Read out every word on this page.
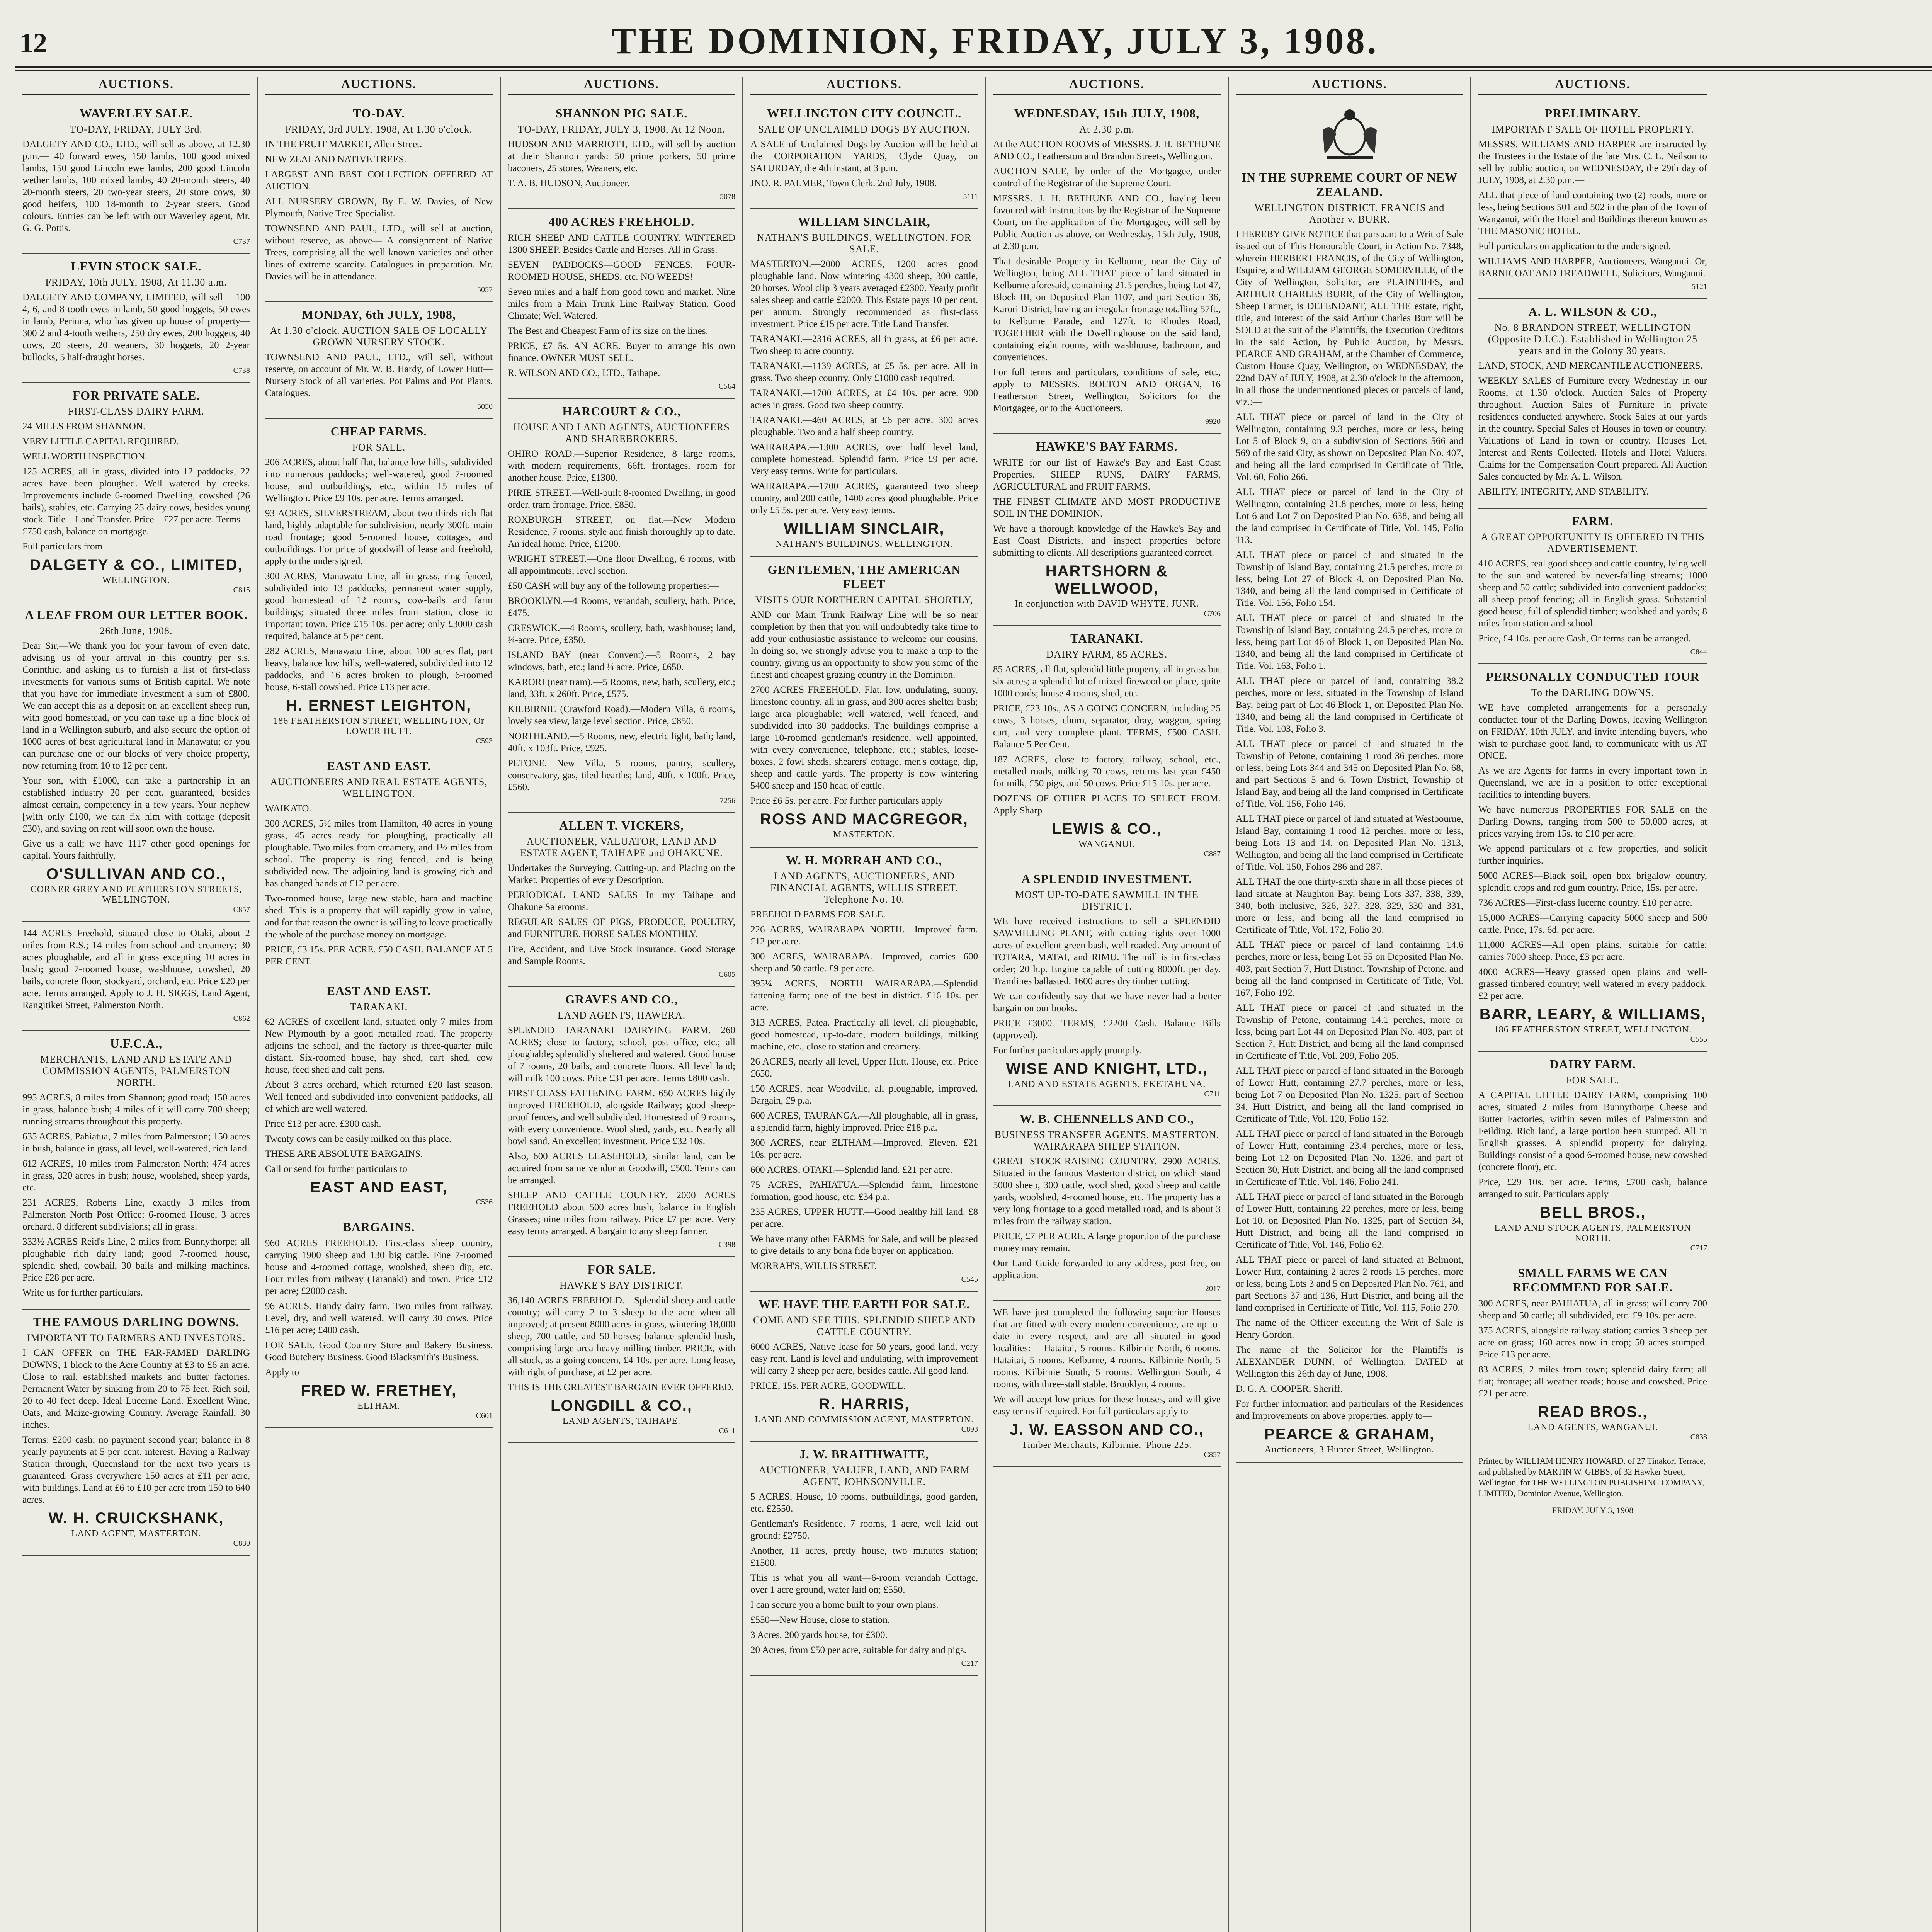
12	THE DOMINION, FRIDAY, JULY 3, 1908.
AUCTIONS.
WAVERLEY SALE.
TO-DAY, FRIDAY, JULY 3rd.

DALGETY AND CO., LTD., will sell as above, at 12.30 p.m.— 40 forward ewes, 150 lambs, 100 good mixed lambs, 150 good Lincoln ewe lambs, 200 good Lincoln wether lambs, 100 mixed lambs, 40 20-month steers, 40 20-month steers, 20 two-year steers, 20 store cows, 30 good heifers, 100 18-month to 2-year steers. Good colours. Entries can be left with our Waverley agent, Mr. G. G. Pottis.

C737
LEVIN STOCK SALE.
FRIDAY, 10th JULY, 1908, At 11.30 a.m.

DALGETY AND COMPANY, LIMITED, will sell— 100 4, 6, and 8-tooth ewes in lamb, 50 good hoggets, 50 ewes in lamb, Perinna, who has given up house of property— 300 2 and 4-tooth wethers, 250 dry ewes, 200 hoggets, 40 cows, 20 steers, 20 weaners, 30 hoggets, 20 2-year bullocks, 5 half-draught horses.

C738
FOR PRIVATE SALE.
FIRST-CLASS DAIRY FARM.

24 MILES FROM SHANNON.

VERY LITTLE CAPITAL REQUIRED.

WELL WORTH INSPECTION.

125 ACRES, all in grass, divided into 12 paddocks, 22 acres have been ploughed. Well watered by creeks. Improvements include 6-roomed Dwelling, cowshed (26 bails), stables, etc. Carrying 25 dairy cows, besides young stock. Title—Land Transfer. Price—£27 per acre. Terms—£750 cash, balance on mortgage.

Full particulars from

DALGETY & CO., LIMITED,
WELLINGTON.
C815
A LEAF FROM OUR LETTER BOOK.
26th June, 1908.

Dear Sir,—We thank you for your favour of even date, advising us of your arrival in this country per s.s. Corinthic, and asking us to furnish a list of first-class investments for various sums of British capital. We note that you have for immediate investment a sum of £800. We can accept this as a deposit on an excellent sheep run, with good homestead, or you can take up a fine block of land in a Wellington suburb, and also secure the option of 1000 acres of best agricultural land in Manawatu; or you can purchase one of our blocks of very choice property, now returning from 10 to 12 per cent.

Your son, with £1000, can take a partnership in an established industry 20 per cent. guaranteed, besides almost certain, competency in a few years. Your nephew [with only £100, we can fix him with cottage (deposit £30), and saving on rent will soon own the house.

Give us a call; we have 1117 other good openings for capital. Yours faithfully,

O'SULLIVAN AND CO.,
CORNER GREY AND FEATHERSTON STREETS, WELLINGTON.
C857

144 ACRES Freehold, situated close to Otaki, about 2 miles from R.S.; 14 miles from school and creamery; 30 acres ploughable, and all in grass excepting 10 acres in bush; good 7-roomed house, washhouse, cowshed, 20 bails, concrete floor, stockyard, orchard, etc. Price £20 per acre. Terms arranged. Apply to J. H. SIGGS, Land Agent, Rangitikei Street, Palmerston North.

C862
U.F.C.A.,
MERCHANTS, LAND AND ESTATE AND COMMISSION AGENTS, PALMERSTON NORTH.

995 ACRES, 8 miles from Shannon; good road; 150 acres in grass, balance bush; 4 miles of it will carry 700 sheep; running streams throughout this property.

635 ACRES, Pahiatua, 7 miles from Palmerston; 150 acres in bush, balance in grass, all level, well-watered, rich land.

612 ACRES, 10 miles from Palmerston North; 474 acres in grass, 320 acres in bush; house, woolshed, sheep yards, etc.

231 ACRES, Roberts Line, exactly 3 miles from Palmerston North Post Office; 6-roomed House, 3 acres orchard, 8 different subdivisions; all in grass.

333½ ACRES Reid's Line, 2 miles from Bunnythorpe; all ploughable rich dairy land; good 7-roomed house, splendid shed, cowbail, 30 bails and milking machines. Price £28 per acre.

Write us for further particulars.

THE FAMOUS DARLING DOWNS.
IMPORTANT TO FARMERS AND INVESTORS.

I CAN OFFER on THE FAR-FAMED DARLING DOWNS, 1 block to the Acre Country at £3 to £6 an acre. Close to rail, established markets and butter factories. Permanent Water by sinking from 20 to 75 feet. Rich soil, 20 to 40 feet deep. Ideal Lucerne Land. Excellent Wine, Oats, and Maize-growing Country. Average Rainfall, 30 inches.

Terms: £200 cash; no payment second year; balance in 8 yearly payments at 5 per cent. interest. Having a Railway Station through, Queensland for the next two years is guaranteed. Grass everywhere 150 acres at £11 per acre, with buildings. Land at £6 to £10 per acre from 150 to 640 acres.

W. H. CRUICKSHANK,
LAND AGENT, MASTERTON.
C880
AUCTIONS.
TO-DAY.
FRIDAY, 3rd JULY, 1908, At 1.30 o'clock.

IN THE FRUIT MARKET, Allen Street.

NEW ZEALAND NATIVE TREES.

LARGEST AND BEST COLLECTION OFFERED AT AUCTION.

ALL NURSERY GROWN, By E. W. Davies, of New Plymouth, Native Tree Specialist.

TOWNSEND AND PAUL, LTD., will sell at auction, without reserve, as above— A consignment of Native Trees, comprising all the well-known varieties and other lines of extreme scarcity. Catalogues in preparation. Mr. Davies will be in attendance.

5057
MONDAY, 6th JULY, 1908,
At 1.30 o'clock. AUCTION SALE OF LOCALLY GROWN NURSERY STOCK.

TOWNSEND AND PAUL, LTD., will sell, without reserve, on account of Mr. W. B. Hardy, of Lower Hutt— Nursery Stock of all varieties. Pot Palms and Pot Plants. Catalogues.

5050
CHEAP FARMS.
FOR SALE.

206 ACRES, about half flat, balance low hills, subdivided into numerous paddocks; well-watered, good 7-roomed house, and outbuildings, etc., within 15 miles of Wellington. Price £9 10s. per acre. Terms arranged.

93 ACRES, SILVERSTREAM, about two-thirds rich flat land, highly adaptable for subdivision, nearly 300ft. main road frontage; good 5-roomed house, cottages, and outbuildings. For price of goodwill of lease and freehold, apply to the undersigned.

300 ACRES, Manawatu Line, all in grass, ring fenced, subdivided into 13 paddocks, permanent water supply, good homestead of 12 rooms, cow-bails and farm buildings; situated three miles from station, close to important town. Price £15 10s. per acre; only £3000 cash required, balance at 5 per cent.

282 ACRES, Manawatu Line, about 100 acres flat, part heavy, balance low hills, well-watered, subdivided into 12 paddocks, and 16 acres broken to plough, 6-roomed house, 6-stall cowshed. Price £13 per acre.

H. ERNEST LEIGHTON,
186 FEATHERSTON STREET, WELLINGTON, Or LOWER HUTT.
C593
EAST AND EAST.
AUCTIONEERS AND REAL ESTATE AGENTS, WELLINGTON.

WAIKATO.

300 ACRES, 5½ miles from Hamilton, 40 acres in young grass, 45 acres ready for ploughing, practically all ploughable. Two miles from creamery, and 1½ miles from school. The property is ring fenced, and is being subdivided now. The adjoining land is growing rich and has changed hands at £12 per acre.

Two-roomed house, large new stable, barn and machine shed. This is a property that will rapidly grow in value, and for that reason the owner is willing to leave practically the whole of the purchase money on mortgage.

PRICE, £3 15s. PER ACRE. £50 CASH. BALANCE AT 5 PER CENT.

EAST AND EAST.
TARANAKI.

62 ACRES of excellent land, situated only 7 miles from New Plymouth by a good metalled road. The property adjoins the school, and the factory is three-quarter mile distant. Six-roomed house, hay shed, cart shed, cow house, feed shed and calf pens.

About 3 acres orchard, which returned £20 last season. Well fenced and subdivided into convenient paddocks, all of which are well watered.

Price £13 per acre. £300 cash.

Twenty cows can be easily milked on this place.

THESE ARE ABSOLUTE BARGAINS.

Call or send for further particulars to

EAST AND EAST,
C536
BARGAINS.

960 ACRES FREEHOLD. First-class sheep country, carrying 1900 sheep and 130 big cattle. Fine 7-roomed house and 4-roomed cottage, woolshed, sheep dip, etc. Four miles from railway (Taranaki) and town. Price £12 per acre; £2000 cash.

96 ACRES. Handy dairy farm. Two miles from railway. Level, dry, and well watered. Will carry 30 cows. Price £16 per acre; £400 cash.

FOR SALE. Good Country Store and Bakery Business. Good Butchery Business. Good Blacksmith's Business.

Apply to

FRED W. FRETHEY,
ELTHAM.
C601
AUCTIONS.
SHANNON PIG SALE.
TO-DAY, FRIDAY, JULY 3, 1908, At 12 Noon.

HUDSON AND MARRIOTT, LTD., will sell by auction at their Shannon yards: 50 prime porkers, 50 prime baconers, 25 stores, Weaners, etc.

T. A. B. HUDSON, Auctioneer.

5078
400 ACRES FREEHOLD.

RICH SHEEP AND CATTLE COUNTRY. WINTERED 1300 SHEEP. Besides Cattle and Horses. All in Grass.

SEVEN PADDOCKS—GOOD FENCES. FOUR-ROOMED HOUSE, SHEDS, etc. NO WEEDS!

Seven miles and a half from good town and market. Nine miles from a Main Trunk Line Railway Station. Good Climate; Well Watered.

The Best and Cheapest Farm of its size on the lines.

PRICE, £7 5s. AN ACRE. Buyer to arrange his own finance. OWNER MUST SELL.

R. WILSON AND CO., LTD., Taihape.

C564
HARCOURT & CO.,
HOUSE AND LAND AGENTS, AUCTIONEERS AND SHAREBROKERS.

OHIRO ROAD.—Superior Residence, 8 large rooms, with modern requirements, 66ft. frontages, room for another house. Price, £1300.

PIRIE STREET.—Well-built 8-roomed Dwelling, in good order, tram frontage. Price, £850.

ROXBURGH STREET, on flat.—New Modern Residence, 7 rooms, style and finish thoroughly up to date. An ideal home. Price, £1200.

WRIGHT STREET.—One floor Dwelling, 6 rooms, with all appointments, level section.

£50 CASH will buy any of the following properties:—

BROOKLYN.—4 Rooms, verandah, scullery, bath. Price, £475.

CRESWICK.—4 Rooms, scullery, bath, washhouse; land, ¼-acre. Price, £350.

ISLAND BAY (near Convent).—5 Rooms, 2 bay windows, bath, etc.; land ¼ acre. Price, £650.

KARORI (near tram).—5 Rooms, new, bath, scullery, etc.; land, 33ft. x 260ft. Price, £575.

KILBIRNIE (Crawford Road).—Modern Villa, 6 rooms, lovely sea view, large level section. Price, £850.

NORTHLAND.—5 Rooms, new, electric light, bath; land, 40ft. x 103ft. Price, £925.

PETONE.—New Villa, 5 rooms, pantry, scullery, conservatory, gas, tiled hearths; land, 40ft. x 100ft. Price, £560.

7256
ALLEN T. VICKERS,
AUCTIONEER, VALUATOR, LAND AND ESTATE AGENT, TAIHAPE and OHAKUNE.

Undertakes the Surveying, Cutting-up, and Placing on the Market, Properties of every Description.

PERIODICAL LAND SALES In my Taihape and Ohakune Salerooms.

REGULAR SALES OF PIGS, PRODUCE, POULTRY, and FURNITURE. HORSE SALES MONTHLY.

Fire, Accident, and Live Stock Insurance. Good Storage and Sample Rooms.

C605
GRAVES AND CO.,
LAND AGENTS, HAWERA.

SPLENDID TARANAKI DAIRYING FARM. 260 ACRES; close to factory, school, post office, etc.; all ploughable; splendidly sheltered and watered. Good house of 7 rooms, 20 bails, and concrete floors. All level land; will milk 100 cows. Price £31 per acre. Terms £800 cash.

FIRST-CLASS FATTENING FARM. 650 ACRES highly improved FREEHOLD, alongside Railway; good sheep-proof fences, and well subdivided. Homestead of 9 rooms, with every convenience. Wool shed, yards, etc. Nearly all bowl sand. An excellent investment. Price £32 10s.

Also, 600 ACRES LEASEHOLD, similar land, can be acquired from same vendor at Goodwill, £500. Terms can be arranged.

SHEEP AND CATTLE COUNTRY. 2000 ACRES FREEHOLD about 500 acres bush, balance in English Grasses; nine miles from railway. Price £7 per acre. Very easy terms arranged. A bargain to any sheep farmer.

C398
FOR SALE.
HAWKE'S BAY DISTRICT.

36,140 ACRES FREEHOLD.—Splendid sheep and cattle country; will carry 2 to 3 sheep to the acre when all improved; at present 8000 acres in grass, wintering 18,000 sheep, 700 cattle, and 50 horses; balance splendid bush, comprising large area heavy milling timber. PRICE, with all stock, as a going concern, £4 10s. per acre. Long lease, with right of purchase, at £2 per acre.

THIS IS THE GREATEST BARGAIN EVER OFFERED.

LONGDILL & CO.,
LAND AGENTS, TAIHAPE.
C611
AUCTIONS.
WELLINGTON CITY COUNCIL.
SALE OF UNCLAIMED DOGS BY AUCTION.

A SALE of Unclaimed Dogs by Auction will be held at the CORPORATION YARDS, Clyde Quay, on SATURDAY, the 4th instant, at 3 p.m.

JNO. R. PALMER, Town Clerk. 2nd July, 1908.

5111
WILLIAM SINCLAIR,
NATHAN'S BUILDINGS, WELLINGTON. FOR SALE.

MASTERTON.—2000 ACRES, 1200 acres good ploughable land. Now wintering 4300 sheep, 300 cattle, 20 horses. Wool clip 3 years averaged £2300. Yearly profit sales sheep and cattle £2000. This Estate pays 10 per cent. per annum. Strongly recommended as first-class investment. Price £15 per acre. Title Land Transfer.

TARANAKI.—2316 ACRES, all in grass, at £6 per acre. Two sheep to acre country.

TARANAKI.—1139 ACRES, at £5 5s. per acre. All in grass. Two sheep country. Only £1000 cash required.

TARANAKI.—1700 ACRES, at £4 10s. per acre. 900 acres in grass. Good two sheep country.

TARANAKI.—460 ACRES, at £6 per acre. 300 acres ploughable. Two and a half sheep country.

WAIRARAPA.—1300 ACRES, over half level land, complete homestead. Splendid farm. Price £9 per acre. Very easy terms. Write for particulars.

WAIRARAPA.—1700 ACRES, guaranteed two sheep country, and 200 cattle, 1400 acres good ploughable. Price only £5 5s. per acre. Very easy terms.

WILLIAM SINCLAIR,
NATHAN'S BUILDINGS, WELLINGTON.
GENTLEMEN, THE AMERICAN FLEET
VISITS OUR NORTHERN CAPITAL SHORTLY,

AND our Main Trunk Railway Line will be so near completion by then that you will undoubtedly take time to add your enthusiastic assistance to welcome our cousins. In doing so, we strongly advise you to make a trip to the country, giving us an opportunity to show you some of the finest and cheapest grazing country in the Dominion.

2700 ACRES FREEHOLD. Flat, low, undulating, sunny, limestone country, all in grass, and 300 acres shelter bush; large area ploughable; well watered, well fenced, and subdivided into 30 paddocks. The buildings comprise a large 10-roomed gentleman's residence, well appointed, with every convenience, telephone, etc.; stables, loose-boxes, 2 fowl sheds, shearers' cottage, men's cottage, dip, sheep and cattle yards. The property is now wintering 5400 sheep and 150 head of cattle.

Price £6 5s. per acre. For further particulars apply

ROSS AND MACGREGOR,
MASTERTON.
W. H. MORRAH AND CO.,
LAND AGENTS, AUCTIONEERS, AND FINANCIAL AGENTS, WILLIS STREET. Telephone No. 10.

FREEHOLD FARMS FOR SALE.

226 ACRES, WAIRARAPA NORTH.—Improved farm. £12 per acre.

300 ACRES, WAIRARAPA.—Improved, carries 600 sheep and 50 cattle. £9 per acre.

395¼ ACRES, NORTH WAIRARAPA.—Splendid fattening farm; one of the best in district. £16 10s. per acre.

313 ACRES, Patea. Practically all level, all ploughable, good homestead, up-to-date, modern buildings, milking machine, etc., close to station and creamery.

26 ACRES, nearly all level, Upper Hutt. House, etc. Price £650.

150 ACRES, near Woodville, all ploughable, improved. Bargain, £9 p.a.

600 ACRES, TAURANGA.—All ploughable, all in grass, a splendid farm, highly improved. Price £18 p.a.

300 ACRES, near ELTHAM.—Improved. Eleven. £21 10s. per acre.

600 ACRES, OTAKI.—Splendid land. £21 per acre.

75 ACRES, PAHIATUA.—Splendid farm, limestone formation, good house, etc. £34 p.a.

235 ACRES, UPPER HUTT.—Good healthy hill land. £8 per acre.

We have many other FARMS for Sale, and will be pleased to give details to any bona fide buyer on application.

MORRAH'S, WILLIS STREET.

C545
WE HAVE THE EARTH FOR SALE.
COME AND SEE THIS. SPLENDID SHEEP AND CATTLE COUNTRY.

6000 ACRES, Native lease for 50 years, good land, very easy rent. Land is level and undulating, with improvement will carry 2 sheep per acre, besides cattle. All good land.

PRICE, 15s. PER ACRE, GOODWILL.

R. HARRIS,
LAND AND COMMISSION AGENT, MASTERTON.
C893
J. W. BRAITHWAITE,
AUCTIONEER, VALUER, LAND, AND FARM AGENT, JOHNSONVILLE.

5 ACRES, House, 10 rooms, outbuildings, good garden, etc. £2550.

Gentleman's Residence, 7 rooms, 1 acre, well laid out ground; £2750.

Another, 11 acres, pretty house, two minutes station; £1500.

This is what you all want—6-room verandah Cottage, over 1 acre ground, water laid on; £550.

I can secure you a home built to your own plans.

£550—New House, close to station.

3 Acres, 200 yards house, for £300.

20 Acres, from £50 per acre, suitable for dairy and pigs.

C217
AUCTIONS.
WEDNESDAY, 15th JULY, 1908,
At 2.30 p.m.

At the AUCTION ROOMS of MESSRS. J. H. BETHUNE AND CO., Featherston and Brandon Streets, Wellington.

AUCTION SALE, by order of the Mortgagee, under control of the Registrar of the Supreme Court.

MESSRS. J. H. BETHUNE AND CO., having been favoured with instructions by the Registrar of the Supreme Court, on the application of the Mortgagee, will sell by Public Auction as above, on Wednesday, 15th July, 1908, at 2.30 p.m.—

That desirable Property in Kelburne, near the City of Wellington, being ALL THAT piece of land situated in Kelburne aforesaid, containing 21.5 perches, being Lot 47, Block III, on Deposited Plan 1107, and part Section 36, Karori District, having an irregular frontage totalling 57ft., to Kelburne Parade, and 127ft. to Rhodes Road, TOGETHER with the Dwellinghouse on the said land, containing eight rooms, with washhouse, bathroom, and conveniences.

For full terms and particulars, conditions of sale, etc., apply to MESSRS. BOLTON AND ORGAN, 16 Featherston Street, Wellington, Solicitors for the Mortgagee, or to the Auctioneers.

9920
HAWKE'S BAY FARMS.

WRITE for our list of Hawke's Bay and East Coast Properties. SHEEP RUNS, DAIRY FARMS, AGRICULTURAL and FRUIT FARMS.

THE FINEST CLIMATE AND MOST PRODUCTIVE SOIL IN THE DOMINION.

We have a thorough knowledge of the Hawke's Bay and East Coast Districts, and inspect properties before submitting to clients. All descriptions guaranteed correct.

HARTSHORN & WELLWOOD,
In conjunction with DAVID WHYTE, JUNR.
C706
TARANAKI.
DAIRY FARM, 85 ACRES.

85 ACRES, all flat, splendid little property, all in grass but six acres; a splendid lot of mixed firewood on place, quite 1000 cords; house 4 rooms, shed, etc.

PRICE, £23 10s., AS A GOING CONCERN, including 25 cows, 3 horses, churn, separator, dray, waggon, spring cart, and very complete plant. TERMS, £500 CASH. Balance 5 Per Cent.

187 ACRES, close to factory, railway, school, etc., metalled roads, milking 70 cows, returns last year £450 for milk, £50 pigs, and 50 cows. Price £15 10s. per acre.

DOZENS OF OTHER PLACES TO SELECT FROM. Apply Sharp—

LEWIS & CO.,
WANGANUI.
C887
A SPLENDID INVESTMENT.
MOST UP-TO-DATE SAWMILL IN THE DISTRICT.

WE have received instructions to sell a SPLENDID SAWMILLING PLANT, with cutting rights over 1000 acres of excellent green bush, well roaded. Any amount of TOTARA, MATAI, and RIMU. The mill is in first-class order; 20 h.p. Engine capable of cutting 8000ft. per day. Tramlines ballasted. 1600 acres dry timber cutting.

We can confidently say that we have never had a better bargain on our books.

PRICE £3000. TERMS, £2200 Cash. Balance Bills (approved).

For further particulars apply promptly.

WISE AND KNIGHT, LTD.,
LAND AND ESTATE AGENTS, EKETAHUNA.
C711
W. B. CHENNELLS AND CO.,
BUSINESS TRANSFER AGENTS, MASTERTON. WAIRARAPA SHEEP STATION.

GREAT STOCK-RAISING COUNTRY. 2900 ACRES. Situated in the famous Masterton district, on which stand 5000 sheep, 300 cattle, wool shed, good sheep and cattle yards, woolshed, 4-roomed house, etc. The property has a very long frontage to a good metalled road, and is about 3 miles from the railway station.

PRICE, £7 PER ACRE. A large proportion of the purchase money may remain.

Our Land Guide forwarded to any address, post free, on application.

2017

WE have just completed the following superior Houses that are fitted with every modern convenience, are up-to-date in every respect, and are all situated in good localities:— Hataitai, 5 rooms. Kilbirnie North, 6 rooms. Hataitai, 5 rooms. Kelburne, 4 rooms. Kilbirnie North, 5 rooms. Kilbirnie South, 5 rooms. Wellington South, 4 rooms, with three-stall stable. Brooklyn, 4 rooms.

We will accept low prices for these houses, and will give easy terms if required. For full particulars apply to—

J. W. EASSON AND CO.,
Timber Merchants, Kilbirnie. 'Phone 225.
C857
AUCTIONS.
IN THE SUPREME COURT OF NEW ZEALAND.
WELLINGTON DISTRICT. FRANCIS and Another v. BURR.

I HEREBY GIVE NOTICE that pursuant to a Writ of Sale issued out of This Honourable Court, in Action No. 7348, wherein HERBERT FRANCIS, of the City of Wellington, Esquire, and WILLIAM GEORGE SOMERVILLE, of the City of Wellington, Solicitor, are PLAINTIFFS, and ARTHUR CHARLES BURR, of the City of Wellington, Sheep Farmer, is DEFENDANT, ALL THE estate, right, title, and interest of the said Arthur Charles Burr will be SOLD at the suit of the Plaintiffs, the Execution Creditors in the said Action, by Public Auction, by Messrs. PEARCE AND GRAHAM, at the Chamber of Commerce, Custom House Quay, Wellington, on WEDNESDAY, the 22nd DAY of JULY, 1908, at 2.30 o'clock in the afternoon, in all those the undermentioned pieces or parcels of land, viz.:—

ALL THAT piece or parcel of land in the City of Wellington, containing 9.3 perches, more or less, being Lot 5 of Block 9, on a subdivision of Sections 566 and 569 of the said City, as shown on Deposited Plan No. 407, and being all the land comprised in Certificate of Title, Vol. 60, Folio 266.

ALL THAT piece or parcel of land in the City of Wellington, containing 21.8 perches, more or less, being Lot 6 and Lot 7 on Deposited Plan No. 638, and being all the land comprised in Certificate of Title, Vol. 145, Folio 113.

ALL THAT piece or parcel of land situated in the Township of Island Bay, containing 21.5 perches, more or less, being Lot 27 of Block 4, on Deposited Plan No. 1340, and being all the land comprised in Certificate of Title, Vol. 156, Folio 154.

ALL THAT piece or parcel of land situated in the Township of Island Bay, containing 24.5 perches, more or less, being part Lot 46 of Block 1, on Deposited Plan No. 1340, and being all the land comprised in Certificate of Title, Vol. 163, Folio 1.

ALL THAT piece or parcel of land, containing 38.2 perches, more or less, situated in the Township of Island Bay, being part of Lot 46 Block 1, on Deposited Plan No. 1340, and being all the land comprised in Certificate of Title, Vol. 103, Folio 3.

ALL THAT piece or parcel of land situated in the Township of Petone, containing 1 rood 36 perches, more or less, being Lots 344 and 345 on Deposited Plan No. 68, and part Sections 5 and 6, Town District, Township of Island Bay, and being all the land comprised in Certificate of Title, Vol. 156, Folio 146.

ALL THAT piece or parcel of land situated at Westbourne, Island Bay, containing 1 rood 12 perches, more or less, being Lots 13 and 14, on Deposited Plan No. 1313, Wellington, and being all the land comprised in Certificate of Title, Vol. 150, Folios 286 and 287.

ALL THAT the one thirty-sixth share in all those pieces of land situate at Naughton Bay, being Lots 337, 338, 339, 340, both inclusive, 326, 327, 328, 329, 330 and 331, more or less, and being all the land comprised in Certificate of Title, Vol. 172, Folio 30.

ALL THAT piece or parcel of land containing 14.6 perches, more or less, being Lot 55 on Deposited Plan No. 403, part Section 7, Hutt District, Township of Petone, and being all the land comprised in Certificate of Title, Vol. 167, Folio 192.

ALL THAT piece or parcel of land situated in the Township of Petone, containing 14.1 perches, more or less, being part Lot 44 on Deposited Plan No. 403, part of Section 7, Hutt District, and being all the land comprised in Certificate of Title, Vol. 209, Folio 205.

ALL THAT piece or parcel of land situated in the Borough of Lower Hutt, containing 27.7 perches, more or less, being Lot 7 on Deposited Plan No. 1325, part of Section 34, Hutt District, and being all the land comprised in Certificate of Title, Vol. 120, Folio 152.

ALL THAT piece or parcel of land situated in the Borough of Lower Hutt, containing 23.4 perches, more or less, being Lot 12 on Deposited Plan No. 1326, and part of Section 30, Hutt District, and being all the land comprised in Certificate of Title, Vol. 146, Folio 241.

ALL THAT piece or parcel of land situated in the Borough of Lower Hutt, containing 22 perches, more or less, being Lot 10, on Deposited Plan No. 1325, part of Section 34, Hutt District, and being all the land comprised in Certificate of Title, Vol. 146, Folio 62.

ALL THAT piece or parcel of land situated at Belmont, Lower Hutt, containing 2 acres 2 roods 15 perches, more or less, being Lots 3 and 5 on Deposited Plan No. 761, and part Sections 37 and 136, Hutt District, and being all the land comprised in Certificate of Title, Vol. 115, Folio 270.

The name of the Officer executing the Writ of Sale is Henry Gordon.

The name of the Solicitor for the Plaintiffs is ALEXANDER DUNN, of Wellington. DATED at Wellington this 26th day of June, 1908.

D. G. A. COOPER, Sheriff.

For further information and particulars of the Residences and Improvements on above properties, apply to—

PEARCE & GRAHAM,
Auctioneers, 3 Hunter Street, Wellington.
AUCTIONS.
PRELIMINARY.
IMPORTANT SALE OF HOTEL PROPERTY.

MESSRS. WILLIAMS AND HARPER are instructed by the Trustees in the Estate of the late Mrs. C. L. Neilson to sell by public auction, on WEDNESDAY, the 29th day of JULY, 1908, at 2.30 p.m.—

ALL that piece of land containing two (2) roods, more or less, being Sections 501 and 502 in the plan of the Town of Wanganui, with the Hotel and Buildings thereon known as THE MASONIC HOTEL.

Full particulars on application to the undersigned.

WILLIAMS AND HARPER, Auctioneers, Wanganui. Or, BARNICOAT AND TREADWELL, Solicitors, Wanganui.

5121
A. L. WILSON & CO.,
No. 8 BRANDON STREET, WELLINGTON (Opposite D.I.C.). Established in Wellington 25 years and in the Colony 30 years.

LAND, STOCK, AND MERCANTILE AUCTIONEERS.

WEEKLY SALES of Furniture every Wednesday in our Rooms, at 1.30 o'clock. Auction Sales of Property throughout. Auction Sales of Furniture in private residences conducted anywhere. Stock Sales at our yards in the country. Special Sales of Houses in town or country. Valuations of Land in town or country. Houses Let, Interest and Rents Collected. Hotels and Hotel Valuers. Claims for the Compensation Court prepared. All Auction Sales conducted by Mr. A. L. Wilson.

ABILITY, INTEGRITY, AND STABILITY.

FARM.
A GREAT OPPORTUNITY IS OFFERED IN THIS ADVERTISEMENT.

410 ACRES, real good sheep and cattle country, lying well to the sun and watered by never-failing streams; 1000 sheep and 50 cattle; subdivided into convenient paddocks; all sheep proof fencing; all in English grass. Substantial good house, full of splendid timber; woolshed and yards; 8 miles from station and school.

Price, £4 10s. per acre Cash, Or terms can be arranged.

C844
PERSONALLY CONDUCTED TOUR
To the DARLING DOWNS.

WE have completed arrangements for a personally conducted tour of the Darling Downs, leaving Wellington on FRIDAY, 10th JULY, and invite intending buyers, who wish to purchase good land, to communicate with us AT ONCE.

As we are Agents for farms in every important town in Queensland, we are in a position to offer exceptional facilities to intending buyers.

We have numerous PROPERTIES FOR SALE on the Darling Downs, ranging from 500 to 50,000 acres, at prices varying from 15s. to £10 per acre.

We append particulars of a few properties, and solicit further inquiries.

5000 ACRES—Black soil, open box brigalow country, splendid crops and red gum country. Price, 15s. per acre.

736 ACRES—First-class lucerne country. £10 per acre.

15,000 ACRES—Carrying capacity 5000 sheep and 500 cattle. Price, 17s. 6d. per acre.

11,000 ACRES—All open plains, suitable for cattle; carries 7000 sheep. Price, £3 per acre.

4000 ACRES—Heavy grassed open plains and well-grassed timbered country; well watered in every paddock. £2 per acre.

BARR, LEARY, & WILLIAMS,
186 FEATHERSTON STREET, WELLINGTON.
C555
DAIRY FARM.
FOR SALE.

A CAPITAL LITTLE DAIRY FARM, comprising 100 acres, situated 2 miles from Bunnythorpe Cheese and Butter Factories, within seven miles of Palmerston and Feilding. Rich land, a large portion been stumped. All in English grasses. A splendid property for dairying. Buildings consist of a good 6-roomed house, new cowshed (concrete floor), etc.

Price, £29 10s. per acre. Terms, £700 cash, balance arranged to suit. Particulars apply

BELL BROS.,
LAND AND STOCK AGENTS, PALMERSTON NORTH.
C717
SMALL FARMS WE CAN RECOMMEND FOR SALE.

300 ACRES, near PAHIATUA, all in grass; will carry 700 sheep and 50 cattle; all subdivided, etc. £9 10s. per acre.

375 ACRES, alongside railway station; carries 3 sheep per acre on grass; 160 acres now in crop; 50 acres stumped. Price £13 per acre.

83 ACRES, 2 miles from town; splendid dairy farm; all flat; frontage; all weather roads; house and cowshed. Price £21 per acre.

READ BROS.,
LAND AGENTS, WANGANUI.
C838
Printed by WILLIAM HENRY HOWARD, of 27 Tinakori Terrace, and published by MARTIN W. GIBBS, of 32 Hawker Street, Wellington, for THE WELLINGTON PUBLISHING COMPANY, LIMITED, Dominion Avenue, Wellington.
FRIDAY, JULY 3, 1908
